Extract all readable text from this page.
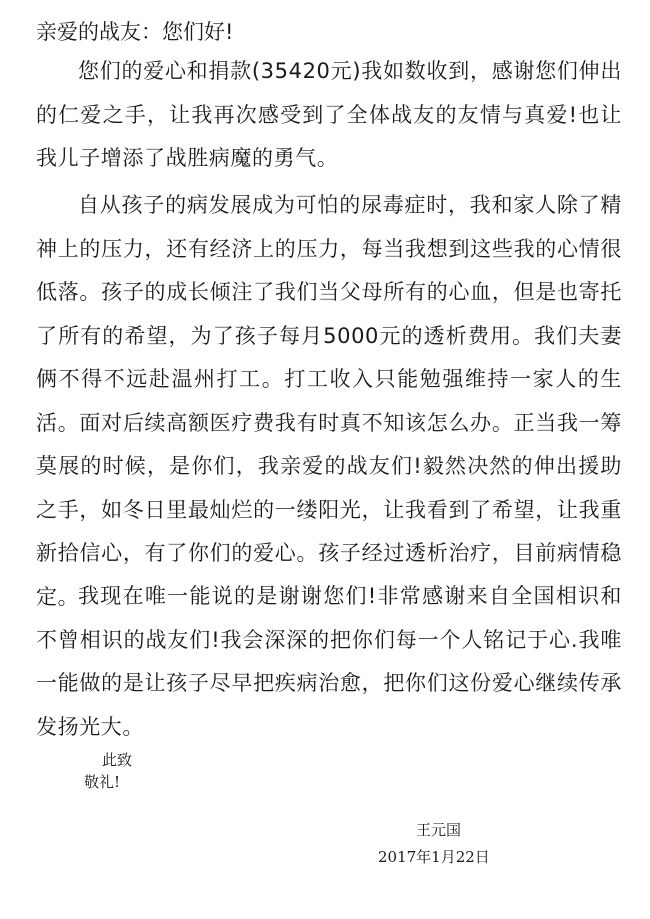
亲爱的战友：您们好!

您们的爱心和捐款(35420元)我如数收到，感谢您们伸出的仁爱之手，让我再次感受到了全体战友的友情与真爱!也让我儿子增添了战胜病魔的勇气。

自从孩子的病发展成为可怕的尿毒症时，我和家人除了精神上的压力，还有经济上的压力，每当我想到这些我的心情很低落。孩子的成长倾注了我们当父母所有的心血，但是也寄托了所有的希望，为了孩子每月5000元的透析费用。我们夫妻俩不得不远赴温州打工。打工收入只能勉强维持一家人的生活。面对后续高额医疗费我有时真不知该怎么办。正当我一筹莫展的时候，是你们，我亲爱的战友们!毅然决然的伸出援助之手，如冬日里最灿烂的一缕阳光，让我看到了希望，让我重新拾信心，有了你们的爱心。孩子经过透析治疗，目前病情稳定。

我现在唯一能说的是谢谢您们!非常感谢来自全国相识和不曾相识的战友们!我会深深的把你们每一个人铭记于心.我唯一能做的是让孩子尽早把疾病治愈，把你们这份爱心继续传承发扬光大。

此致
敬礼!
王元国
2017年1月22日
